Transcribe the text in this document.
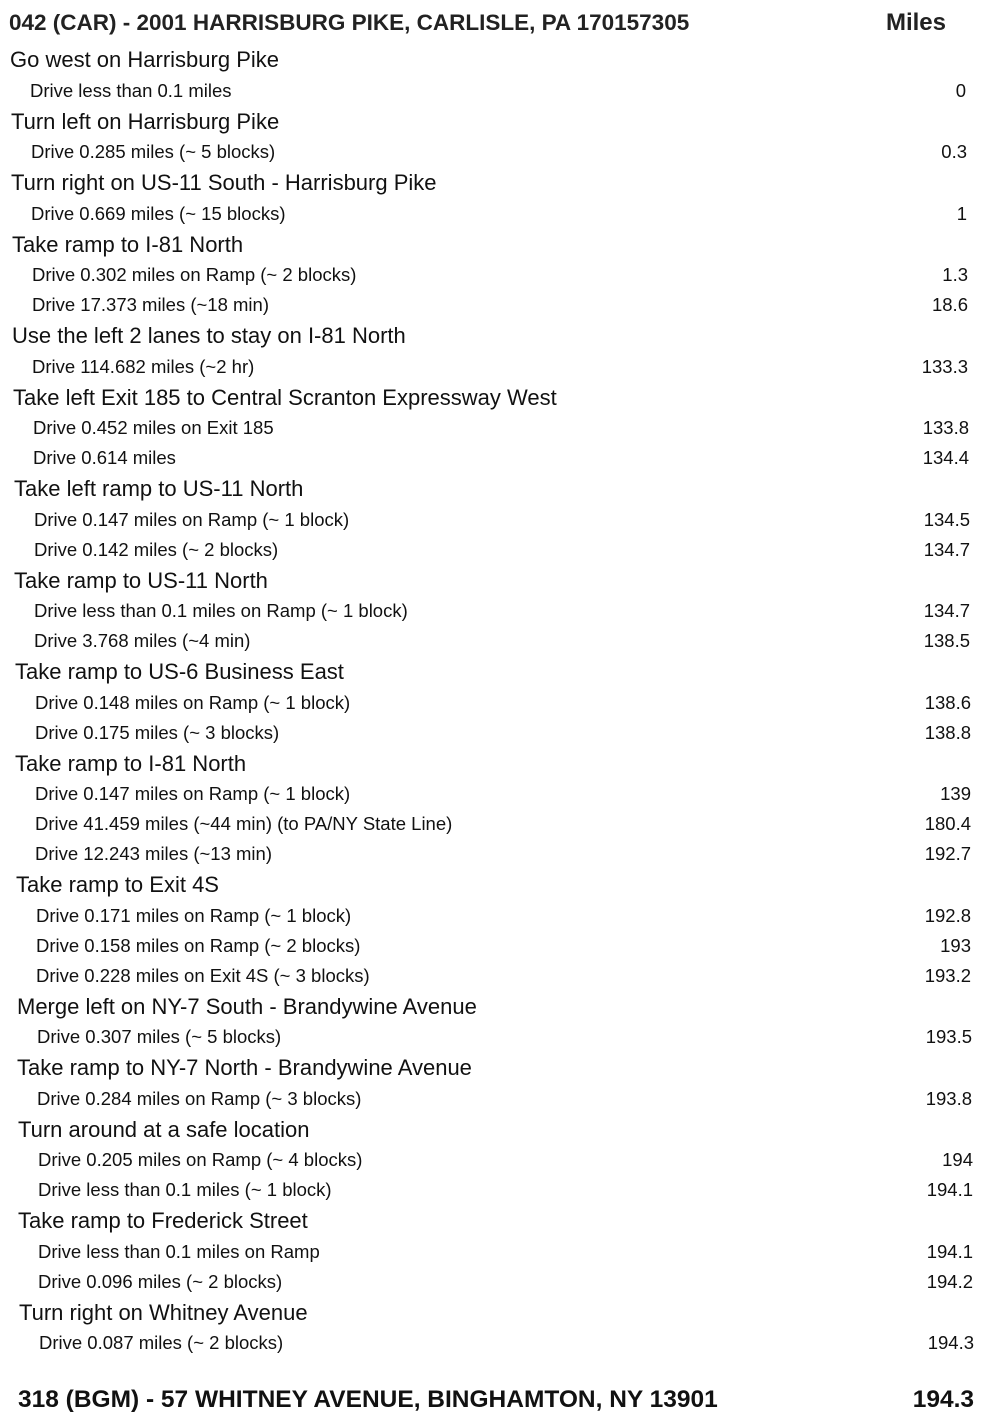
042 (CAR) - 2001 HARRISBURG PIKE, CARLISLE, PA 170157305	Miles
Go west on Harrisburg Pike
Drive less than 0.1 miles	0
Turn left on Harrisburg Pike
Drive 0.285 miles (~ 5 blocks)	0.3
Turn right on US-11 South - Harrisburg Pike
Drive 0.669 miles (~ 15 blocks)	1
Take ramp to I-81 North
Drive 0.302 miles on Ramp (~ 2 blocks)	1.3
Drive 17.373 miles (~18 min)	18.6
Use the left 2 lanes to stay on I-81 North
Drive 114.682 miles (~2 hr)	133.3
Take left Exit 185 to Central Scranton Expressway West
Drive 0.452 miles on Exit 185	133.8
Drive 0.614 miles	134.4
Take left ramp to US-11 North
Drive 0.147 miles on Ramp (~ 1 block)	134.5
Drive 0.142 miles (~ 2 blocks)	134.7
Take ramp to US-11 North
Drive less than 0.1 miles on Ramp (~ 1 block)	134.7
Drive 3.768 miles (~4 min)	138.5
Take ramp to US-6 Business East
Drive 0.148 miles on Ramp (~ 1 block)	138.6
Drive 0.175 miles (~ 3 blocks)	138.8
Take ramp to I-81 North
Drive 0.147 miles on Ramp (~ 1 block)	139
Drive 41.459 miles (~44 min) (to PA/NY State Line)	180.4
Drive 12.243 miles (~13 min)	192.7
Take ramp to Exit 4S
Drive 0.171 miles on Ramp (~ 1 block)	192.8
Drive 0.158 miles on Ramp (~ 2 blocks)	193
Drive 0.228 miles on Exit 4S (~ 3 blocks)	193.2
Merge left on NY-7 South - Brandywine Avenue
Drive 0.307 miles (~ 5 blocks)	193.5
Take ramp to NY-7 North - Brandywine Avenue
Drive 0.284 miles on Ramp (~ 3 blocks)	193.8
Turn around at a safe location
Drive 0.205 miles on Ramp (~ 4 blocks)	194
Drive less than 0.1 miles (~ 1 block)	194.1
Take ramp to Frederick Street
Drive less than 0.1 miles on Ramp	194.1
Drive 0.096 miles (~ 2 blocks)	194.2
Turn right on Whitney Avenue
Drive 0.087 miles (~ 2 blocks)	194.3
318 (BGM) - 57 WHITNEY AVENUE, BINGHAMTON, NY 13901	194.3
